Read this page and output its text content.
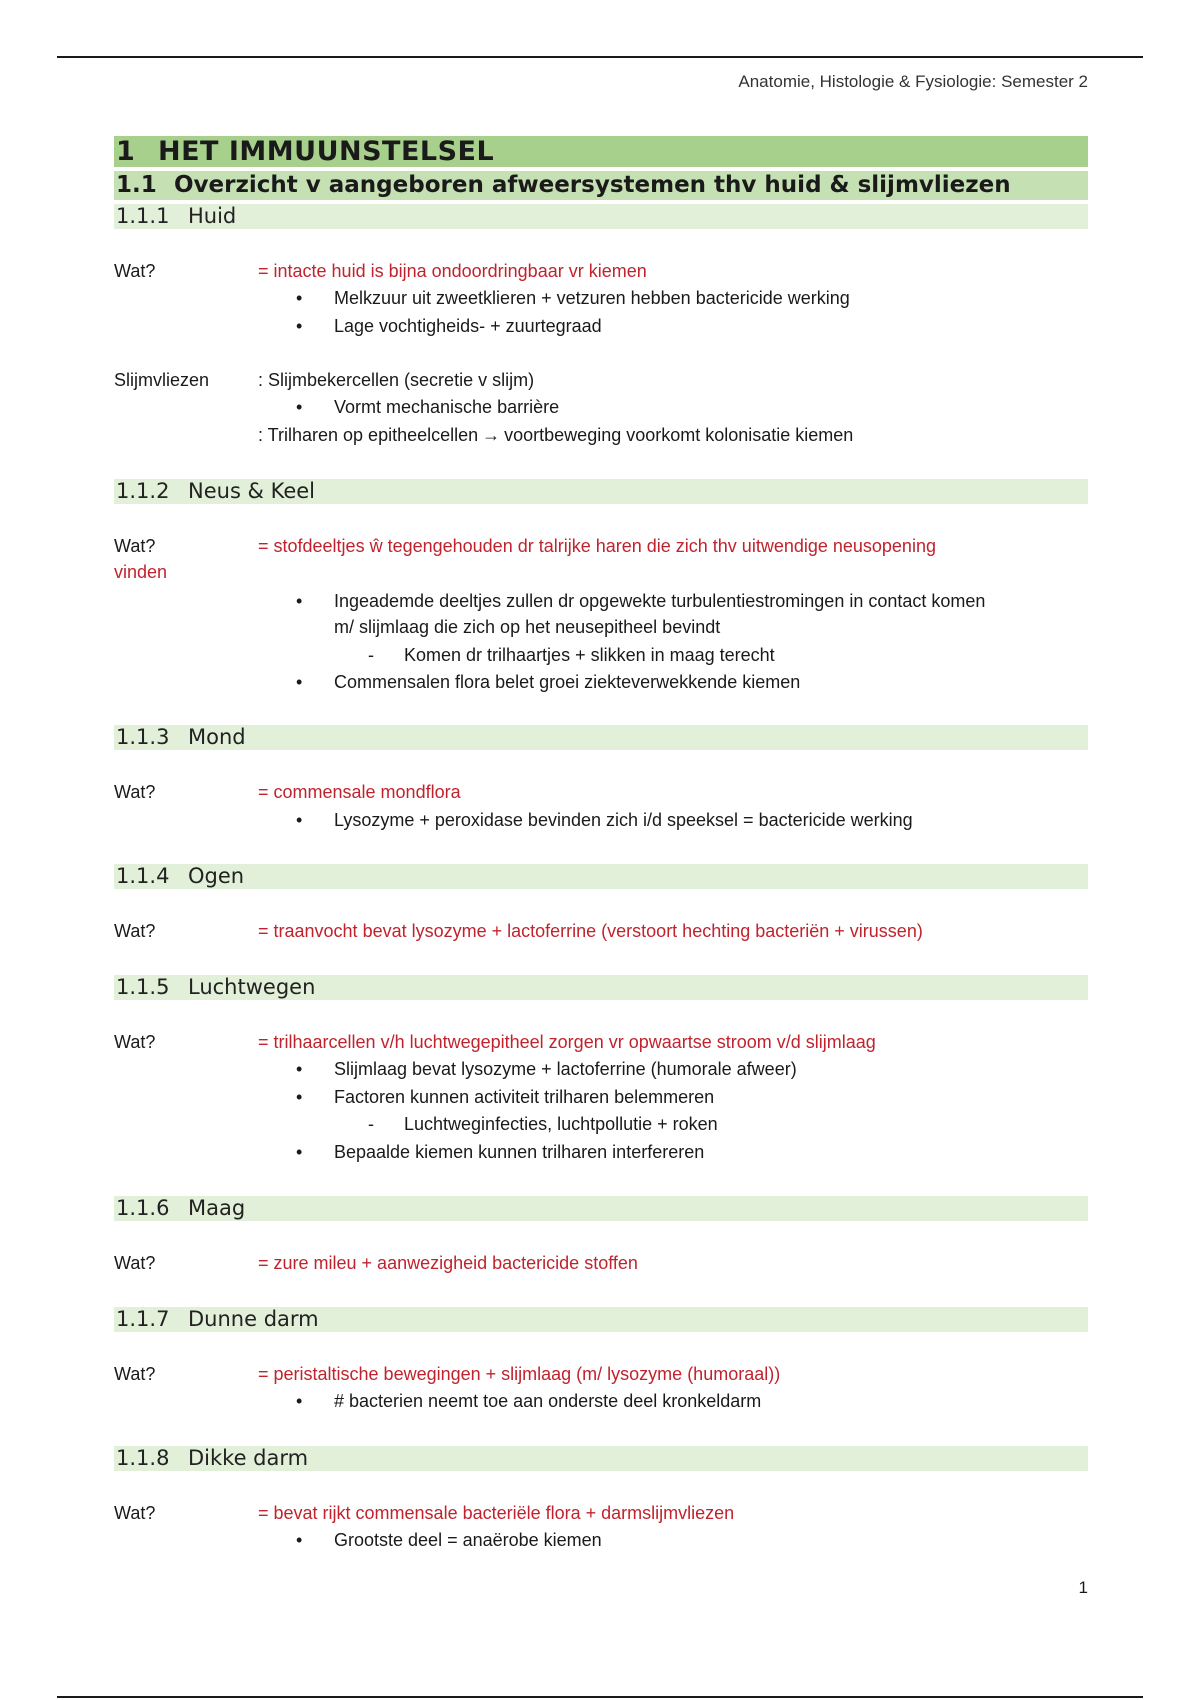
Anatomie, Histologie & Fysiologie: Semester 2
1 HET IMMUUNSTELSEL
1.1 Overzicht v aangeboren afweersystemen thv huid & slijmvliezen
1.1.1 Huid
Wat?	= intacte huid is bijna ondoordringbaar vr kiemen
• Melkzuur uit zweetklieren + vetzuren hebben bactericide werking
• Lage vochtigheids- + zuurtegraad
Slijmvliezen	: Slijmbekercellen (secretie v slijm)
• Vormt mechanische barrière
: Trilharen op epitheelcellen → voortbeweging voorkomt kolonisatie kiemen
1.1.2 Neus & Keel
Wat?	= stofdeeltjes ŵ tegengehouden dr talrijke haren die zich thv uitwendige neusopening
vinden
• Ingeademde deeltjes zullen dr opgewekte turbulentiestromingen in contact komen
m/ slijmlaag die zich op het neusepitheel bevindt
- Komen dr trilhaartjes + slikken in maag terecht
• Commensalen flora belet groei ziekteverwekkende kiemen
1.1.3 Mond
Wat?	= commensale mondflora
• Lysozyme + peroxidase bevinden zich i/d speeksel = bactericide werking
1.1.4 Ogen
Wat?	= traanvocht bevat lysozyme + lactoferrine (verstoort hechting bacteriën + virussen)
1.1.5 Luchtwegen
Wat?	= trilhaarcellen v/h luchtwegepitheel zorgen vr opwaartse stroom v/d slijmlaag
• Slijmlaag bevat lysozyme + lactoferrine (humorale afweer)
• Factoren kunnen activiteit trilharen belemmeren
- Luchtweginfecties, luchtpollutie + roken
• Bepaalde kiemen kunnen trilharen interfereren
1.1.6 Maag
Wat?	= zure mileu + aanwezigheid bactericide stoffen
1.1.7 Dunne darm
Wat?	= peristaltische bewegingen + slijmlaag (m/ lysozyme (humoraal))
• # bacterien neemt toe aan onderste deel kronkeldarm
1.1.8 Dikke darm
Wat?	= bevat rijkt commensale bacteriële flora + darmslijmvliezen
• Grootste deel = anaërobe kiemen
1
